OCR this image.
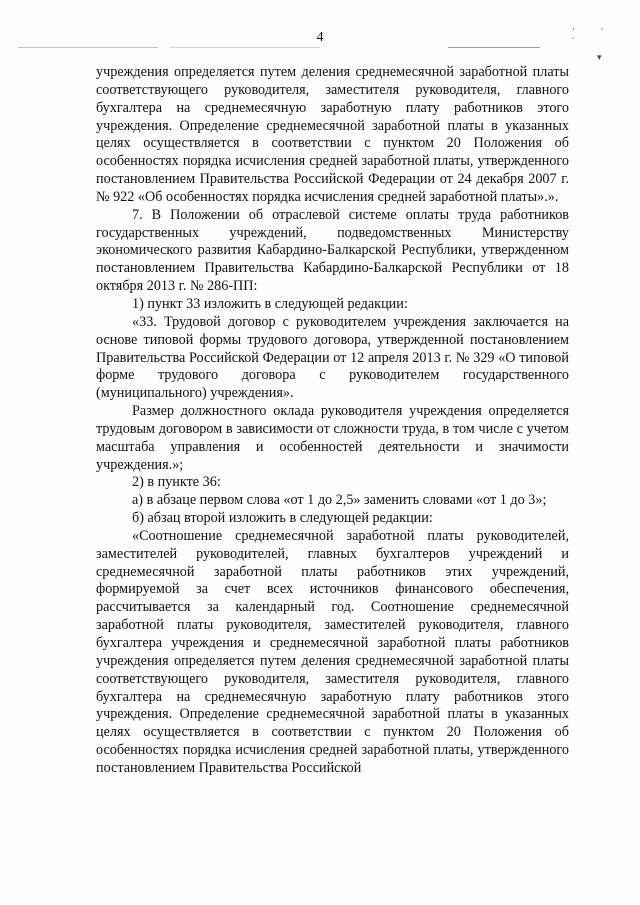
4
‚ ‚ ,
▾

учреждения определяется путем деления среднемесячной заработной платы соответствующего руководителя, заместителя руководителя, главного бухгалтера на среднемесячную заработную плату работников этого учреждения. Определение среднемесячной заработной платы в указанных целях осуществляется в соответствии с пунктом 20 Положения об особенностях порядка исчисления средней заработной платы, утвержденного постановлением Правительства Российской Федерации от 24 декабря 2007 г. № 922 «Об особенностях порядка исчисления средней заработной платы».».

7. В Положении об отраслевой системе оплаты труда работников государственных учреждений, подведомственных Министерству экономического развития Кабардино-Балкарской Республики, утвержденном постановлением Правительства Кабардино-Балкарской Республики от 18 октября 2013 г. № 286-ПП:

1) пункт 33 изложить в следующей редакции:

«33. Трудовой договор с руководителем учреждения заключается на основе типовой формы трудового договора, утвержденной постановлением Правительства Российской Федерации от 12 апреля 2013 г. № 329 «О типовой форме трудового договора с руководителем государственного (муниципального) учреждения».

Размер должностного оклада руководителя учреждения определяется трудовым договором в зависимости от сложности труда, в том числе с учетом масштаба управления и особенностей деятельности и значимости учреждения.»;

2) в пункте 36:

а) в абзаце первом слова «от 1 до 2,5» заменить словами «от 1 до 3»;

б) абзац второй изложить в следующей редакции:

«Соотношение среднемесячной заработной платы руководителей, заместителей руководителей, главных бухгалтеров учреждений и среднемесячной заработной платы работников этих учреждений, формируемой за счет всех источников финансового обеспечения, рассчитывается за календарный год. Соотношение среднемесячной заработной платы руководителя, заместителей руководителя, главного бухгалтера учреждения и среднемесячной заработной платы работников учреждения определяется путем деления среднемесячной заработной платы соответствующего руководителя, заместителя руководителя, главного бухгалтера на среднемесячную заработную плату работников этого учреждения. Определение среднемесячной заработной платы в указанных целях осуществляется в соответствии с пунктом 20 Положения об особенностях порядка исчисления средней заработной платы, утвержденного постановлением Правительства Российской
